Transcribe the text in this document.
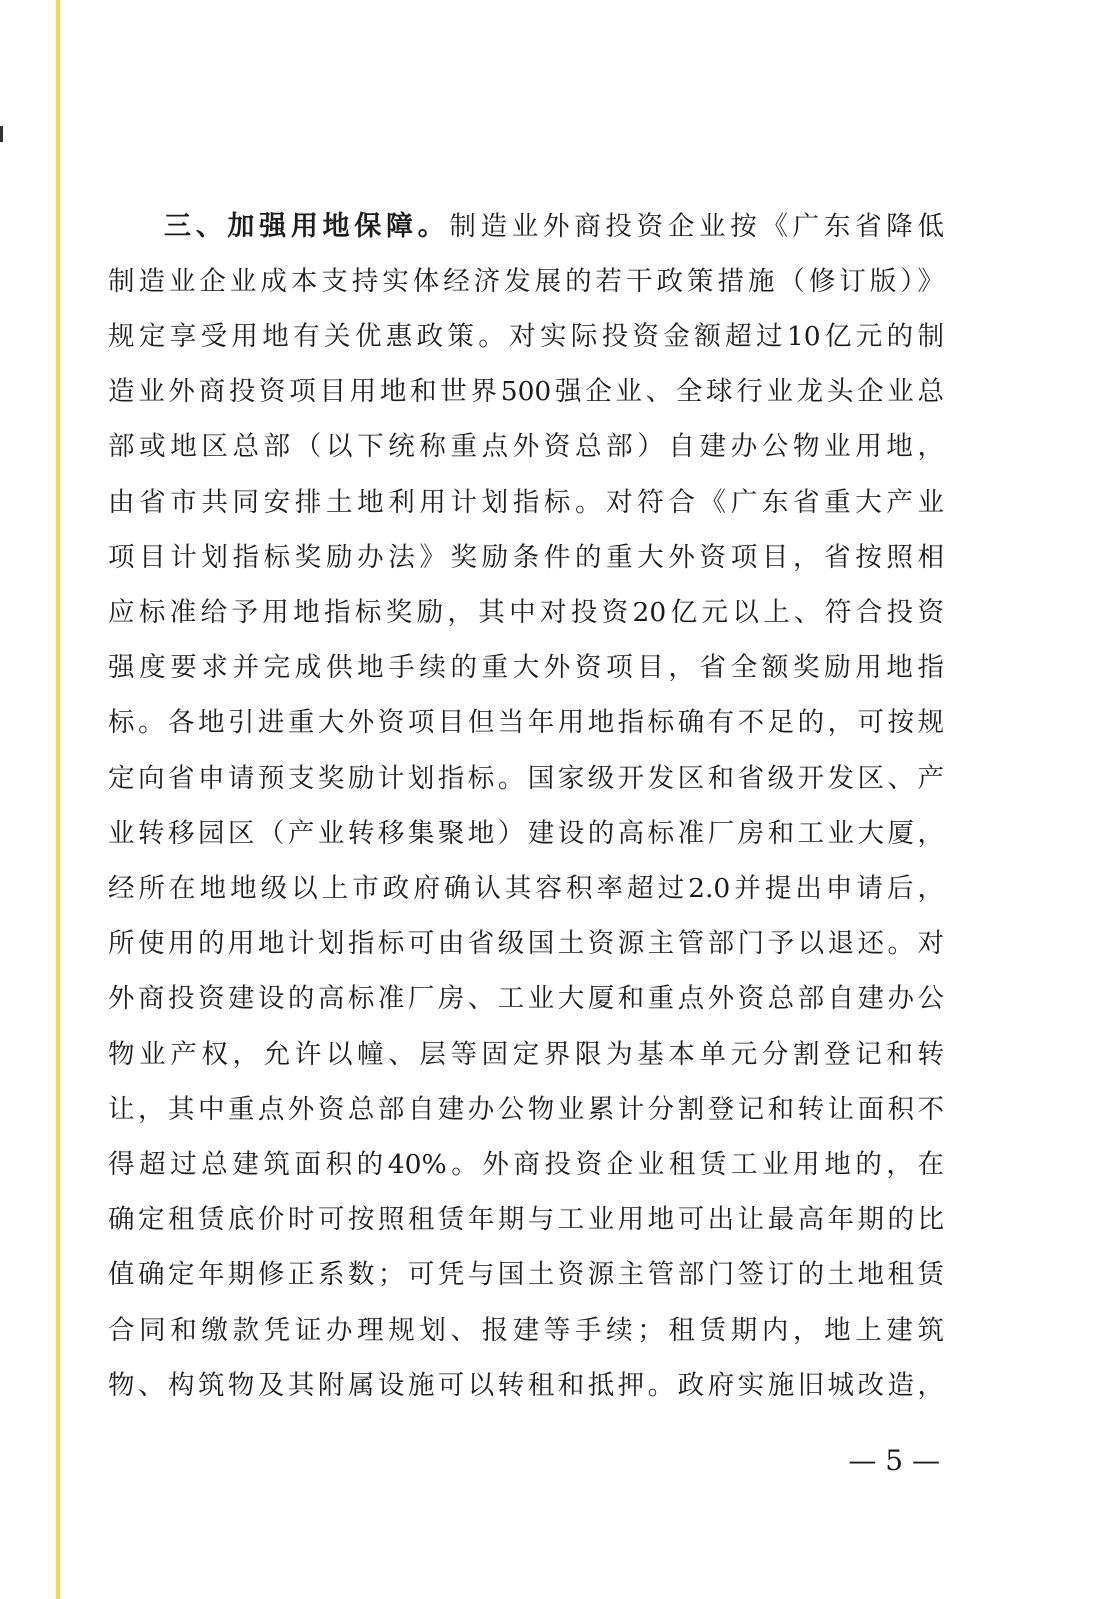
三、加强用地保障。制造业外商投资企业按《广东省降低
制造业企业成本支持实体经济发展的若干政策措施（修订版）》
规定享受用地有关优惠政策。对实际投资金额超过10亿元的制
造业外商投资项目用地和世界500强企业、全球行业龙头企业总
部或地区总部（以下统称重点外资总部）自建办公物业用地，
由省市共同安排土地利用计划指标。对符合《广东省重大产业
项目计划指标奖励办法》奖励条件的重大外资项目，省按照相
应标准给予用地指标奖励，其中对投资20亿元以上、符合投资
强度要求并完成供地手续的重大外资项目，省全额奖励用地指
标。各地引进重大外资项目但当年用地指标确有不足的，可按规
定向省申请预支奖励计划指标。国家级开发区和省级开发区、产
业转移园区（产业转移集聚地）建设的高标准厂房和工业大厦，
经所在地地级以上市政府确认其容积率超过2.0并提出申请后，
所使用的用地计划指标可由省级国土资源主管部门予以退还。对
外商投资建设的高标准厂房、工业大厦和重点外资总部自建办公
物业产权，允许以幢、层等固定界限为基本单元分割登记和转
让，其中重点外资总部自建办公物业累计分割登记和转让面积不
得超过总建筑面积的40%。外商投资企业租赁工业用地的，在
确定租赁底价时可按照租赁年期与工业用地可出让最高年期的比
值确定年期修正系数；可凭与国土资源主管部门签订的土地租赁
合同和缴款凭证办理规划、报建等手续；租赁期内，地上建筑
物、构筑物及其附属设施可以转租和抵押。政府实施旧城改造，
— 5 —
